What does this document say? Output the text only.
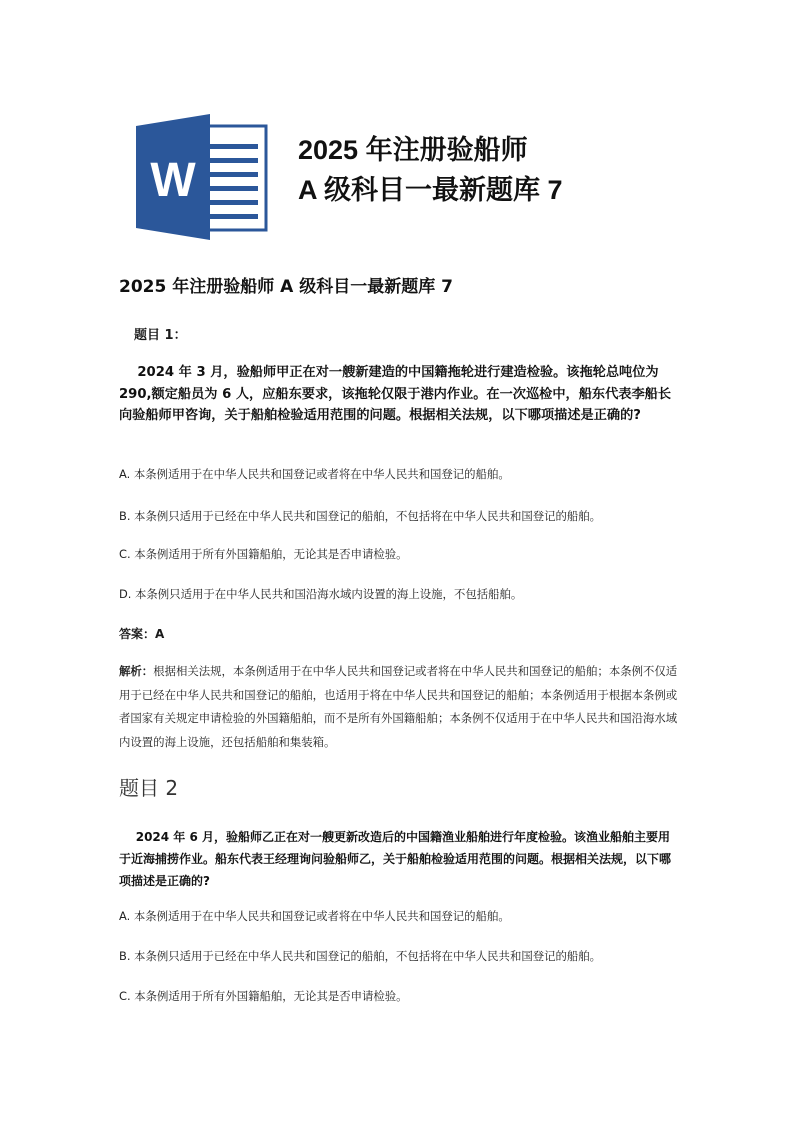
W
2025 年注册验船师
A 级科目一最新题库 7
2025 年注册验船师 A 级科目一最新题库 7
题目 1：
2024 年 3 月，验船师甲正在对一艘新建造的中国籍拖轮进行建造检验。该拖轮总吨位为 290,额定船员为 6 人，应船东要求，该拖轮仅限于港内作业。在一次巡检中，船东代表李船长向验船师甲咨询，关于船舶检验适用范围的问题。根据相关法规，以下哪项描述是正确的?
A. 本条例适用于在中华人民共和国登记或者将在中华人民共和国登记的船舶。
B. 本条例只适用于已经在中华人民共和国登记的船舶，不包括将在中华人民共和国登记的船舶。
C. 本条例适用于所有外国籍船舶，无论其是否申请检验。
D. 本条例只适用于在中华人民共和国沿海水域内设置的海上设施，不包括船舶。
答案：A
解析：根据相关法规，本条例适用于在中华人民共和国登记或者将在中华人民共和国登记的船舶；本条例不仅适用于已经在中华人民共和国登记的船舶，也适用于将在中华人民共和国登记的船舶；本条例适用于根据本条例或者国家有关规定申请检验的外国籍船舶，而不是所有外国籍船舶；本条例不仅适用于在中华人民共和国沿海水域内设置的海上设施，还包括船舶和集装箱。
题目 2
2024 年 6 月，验船师乙正在对一艘更新改造后的中国籍渔业船舶进行年度检验。该渔业船舶主要用于近海捕捞作业。船东代表王经理询问验船师乙，关于船舶检验适用范围的问题。根据相关法规，以下哪项描述是正确的?
A. 本条例适用于在中华人民共和国登记或者将在中华人民共和国登记的船舶。
B. 本条例只适用于已经在中华人民共和国登记的船舶，不包括将在中华人民共和国登记的船舶。
C. 本条例适用于所有外国籍船舶，无论其是否申请检验。
